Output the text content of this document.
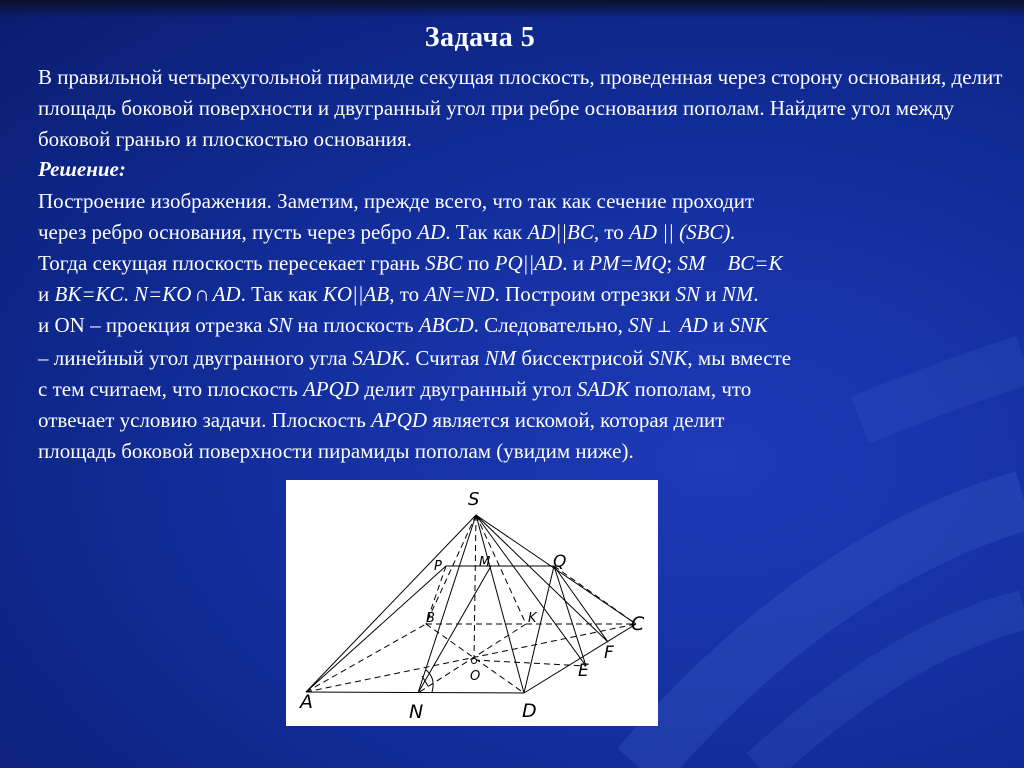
Задача 5
В правильной четырехугольной пирамиде секущая плоскость, проведенная через сторону основания, делит площадь боковой поверхности и двугранный угол при ребре основания пополам. Найдите угол между боковой гранью и плоскостью основания.
Решение:
Построение изображения. Заметим, прежде всего, что так как сечение проходит
через ребро основания, пусть через ребро AD. Так как AD||BC, то AD || (SBC).
Тогда секущая плоскость пересекает грань SBC по PQ||AD. и PM=MQ; SM BC=K
и BK=KC. N=KO ∩ AD. Так как KO||AB, то AN=ND. Построим отрезки SN и NM.
и ON – проекция отрезка SN на плоскость ABCD. Следовательно, SN ⊥ AD и SNK
– линейный угол двугранного угла SADK. Считая NM биссектрисой SNK, мы вместе
с тем считаем, что плоскость APQD делит двугранный угол SADK пополам, что
отвечает условию задачи. Плоскость APQD является искомой, которая делит
площадь боковой поверхности пирамиды пополам (увидим ниже).
S
P	M	Q
B	K	C
F
E
O
A	N	D
